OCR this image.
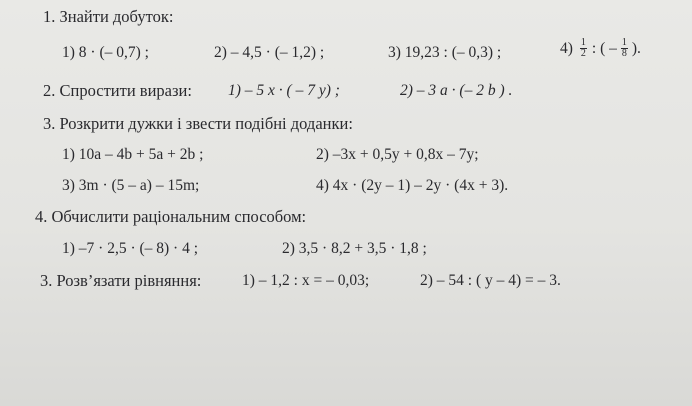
1. Знайти добуток:
1) 8 · (– 0,7) ;	2) – 4,5 · (– 1,2) ;	3) 19,23 : (– 0,3) ;	$4) \frac{1}{2}$ : ( – $\frac{1}{8}$ ).
2. Спростити вирази: 1) – 5 x · ( – 7 y) ;	2) – 3 a · (– 2 b ) .
3. Розкрити дужки і звести подібні доданки:
1) 10a – 4b + 5a + 2b ;	2) –3x + 0,5y + 0,8x – 7y;
3) 3m · (5 – a) – 15m;	4) 4x · (2y – 1) – 2y · (4x + 3).
4. Обчислити раціональним способом:
1) –7 · 2,5 · (– 8) · 4 ;	2) 3,5 · 8,2 + 3,5 · 1,8 ;
3. Розв’язати рівняння:	1) – 1,2 : x = – 0,03;	2) – 54 : ( y – 4) = – 3.
